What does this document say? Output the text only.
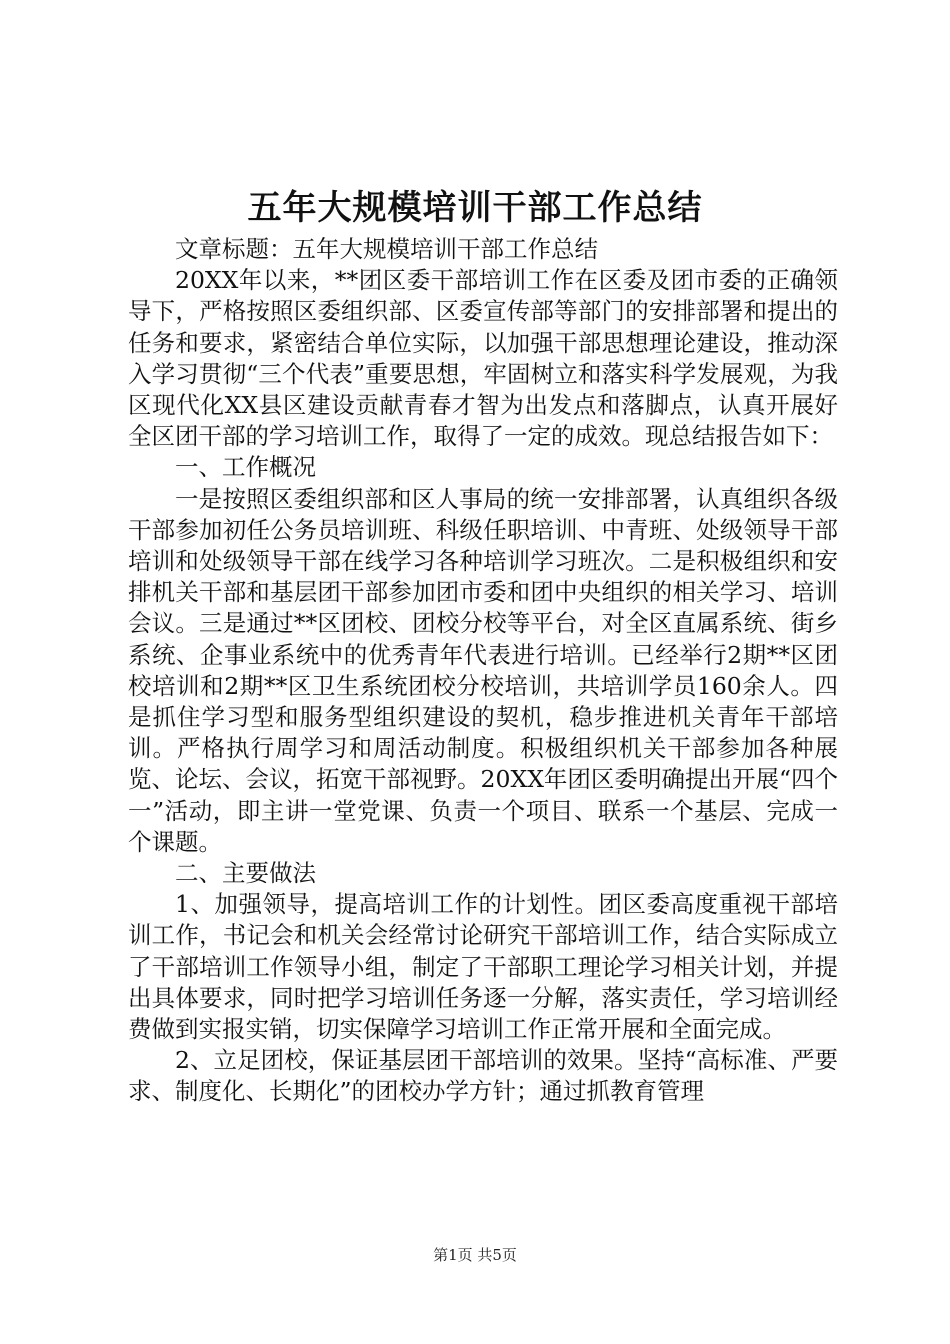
五年大规模培训干部工作总结

文章标题：五年大规模培训干部工作总结

20XX年以来，**团区委干部培训工作在区委及团市委的正确领导下，严格按照区委组织部、区委宣传部等部门的安排部署和提出的任务和要求，紧密结合单位实际，以加强干部思想理论建设，推动深入学习贯彻“三个代表”重要思想，牢固树立和落实科学发展观，为我区现代化XX县区建设贡献青春才智为出发点和落脚点，认真开展好全区团干部的学习培训工作，取得了一定的成效。现总结报告如下：

一、工作概况

一是按照区委组织部和区人事局的统一安排部署，认真组织各级干部参加初任公务员培训班、科级任职培训、中青班、处级领导干部培训和处级领导干部在线学习各种培训学习班次。二是积极组织和安排机关干部和基层团干部参加团市委和团中央组织的相关学习、培训会议。三是通过**区团校、团校分校等平台，对全区直属系统、街乡系统、企事业系统中的优秀青年代表进行培训。已经举行2期**区团校培训和2期**区卫生系统团校分校培训，共培训学员160余人。四是抓住学习型和服务型组织建设的契机，稳步推进机关青年干部培训。严格执行周学习和周活动制度。积极组织机关干部参加各种展览、论坛、会议，拓宽干部视野。20XX年团区委明确提出开展“四个一”活动，即主讲一堂党课、负责一个项目、联系一个基层、完成一个课题。

二、主要做法

1、加强领导，提高培训工作的计划性。团区委高度重视干部培训工作，书记会和机关会经常讨论研究干部培训工作，结合实际成立了干部培训工作领导小组，制定了干部职工理论学习相关计划，并提出具体要求，同时把学习培训任务逐一分解，落实责任，学习培训经费做到实报实销，切实保障学习培训工作正常开展和全面完成。

2、立足团校，保证基层团干部培训的效果。坚持“高标准、严要求、制度化、长期化”的团校办学方针；通过抓教育管理

第1页 共5页
